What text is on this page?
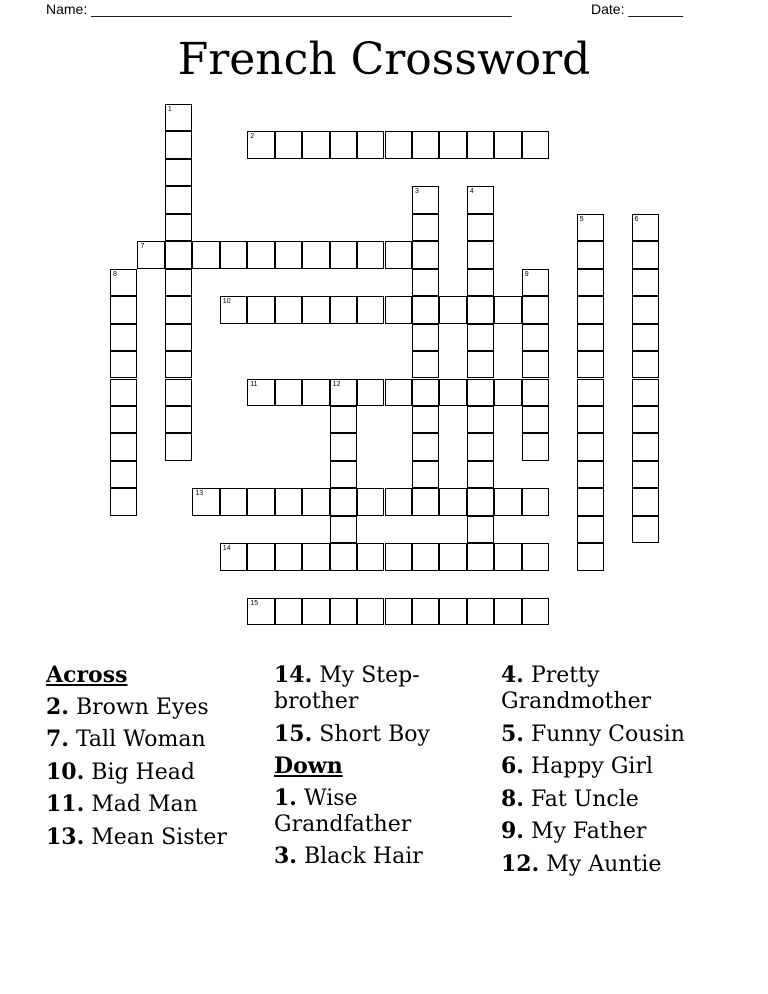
Name: ______________________________________________________	Date: _______
French Crossword
1
2
3	4
5	6
7
8	9
10
11	12
13
14
15
Across
2. Brown Eyes
7. Tall Woman
10. Big Head
11. Mad Man
13. Mean Sister
14. My Step-brother
15. Short Boy
Down
1. Wise Grandfather
3. Black Hair
4. Pretty Grandmother
5. Funny Cousin
6. Happy Girl
8. Fat Uncle
9. My Father
12. My Auntie
